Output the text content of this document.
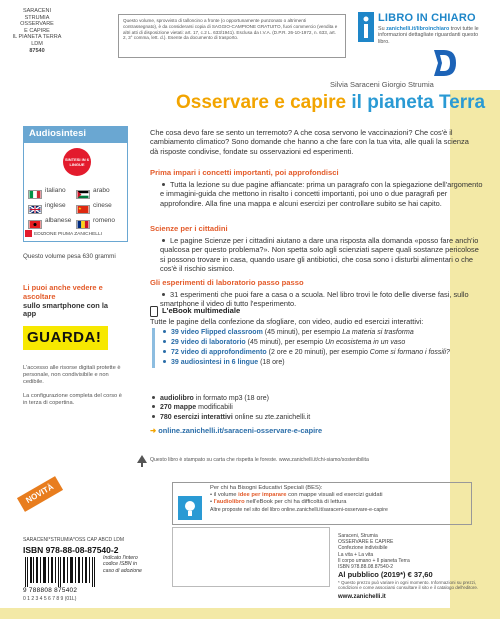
SARACENI
STRUMIA
OSSERVARE
E CAPIRE
IL PIANETA TERRA
LDM
87540
Questo volume, sprovvisto di talloncino a fronte (o opportunamente punzonato o altrimenti contrassegnato), è da considerarsi copia di SAGGIO-CAMPIONE GRATUITO, fuori commercio (vendita e altri atti di disposizione vietati: art. 17, c.2 L. 633/1941). Esclusa da I.V.A. (D.P.R. 26-10-1972, n. 633, art. 2, 3° comma, lett. d.). Esente da documento di trasporto.
LIBRO IN CHIARO
Su zanichelli.it/libroinchiaro trovi tutte le informazioni dettagliate riguardanti questo libro.
Silvia Saraceni Giorgio Strumia
Osservare e capire il pianeta Terra
Audiosintesi
SINTESI IN 6 LINGUE
italiano	arabo
inglese	cinese
albanese	romeno
EDIZIONE PIUMA ZANICHELLI
Questo volume pesa 630 grammi
Li puoi anche vedere e ascoltare
sullo smartphone con la app
GUARDA!
L'accesso alle risorse digitali protette è personale, non condivisibile e non cedibile.
La configurazione completa del corso è in terza di copertina.
NOVITÀ
Che cosa devo fare se sento un terremoto? A che cosa servono le vaccinazioni? Che cos'è il cambiamento climatico? Sono domande che hanno a che fare con la tua vita, alle quali la scienza dà risposte condivise, fondate su osservazioni ed esperimenti.
Prima impari i concetti importanti, poi approfondisci
Tutta la lezione su due pagine affiancate: prima un paragrafo con la spiegazione dell'argomento e immagini-guida che mettono in risalto i concetti importanti, poi uno o due paragrafi per approfondire. Alla fine una mappa e alcuni esercizi per controllare subito se hai capito.
Scienze per i cittadini
Le pagine Scienze per i cittadini aiutano a dare una risposta alla domanda «posso fare anch'io qualcosa per questo problema?». Non spetta solo agli scienziati sapere quali sostanze pericolose si possono trovare in casa, quando usare gli antibiotici, che cosa sono i disturbi alimentari o che cos'è il rischio sismico.
Gli esperimenti di laboratorio passo passo
31 esperimenti che puoi fare a casa o a scuola. Nel libro trovi le foto delle diverse fasi, sullo smartphone il video di tutto l'esperimento.
L'eBook multimediale
Tutte le pagine della confezione da sfogliare, con video, audio ed esercizi interattivi:
39 video Flipped classroom (45 minuti), per esempio La materia si trasforma
29 video di laboratorio (45 minuti), per esempio Un ecosistema in un vaso
72 video di approfondimento (2 ore e 20 minuti), per esempio Come si formano i fossili?
39 audiosintesi in 6 lingue (18 ore)
audiolibro in formato mp3 (18 ore)
270 mappe modificabili
780 esercizi interattivi online su zte.zanichelli.it
➜ online.zanichelli.it/saraceni-osservare-e-capire
Questo libro è stampato su carta che rispetta le foreste. www.zanichelli.it/chi-siamo/sostenibilita
Per chi ha Bisogni Educativi Speciali (BES):
• il volume idee per imparare con mappe visuali ed esercizi guidati
• l'audiolibro nell'eBook per chi ha difficoltà di lettura
Altre proposte nel sito del libro online.zanichelli.it/saraceni-osservare-e-capire
SARACENI*STRUMIA*OSS CAP ABCD LDM
ISBN 978-88-08-87540-2
Indicato l'intero codice ISBN in caso di adozione
9 788808 875402
0 1 2 3 4 5 6 7 8 9 (01L)
Saraceni, Strumia
OSSERVARE E CAPIRE
Confezione indivisibile
La vita + La vita
Il corpo umano + Il pianeta Terra
ISBN 978.88.08.87540-2
Al pubblico (2019*) € 37,60
* Questo prezzo può variare in ogni momento. Informazioni su prezzi, condizioni e come associarsi consultare il sito e il catalogo dell'editore.
www.zanichelli.it
